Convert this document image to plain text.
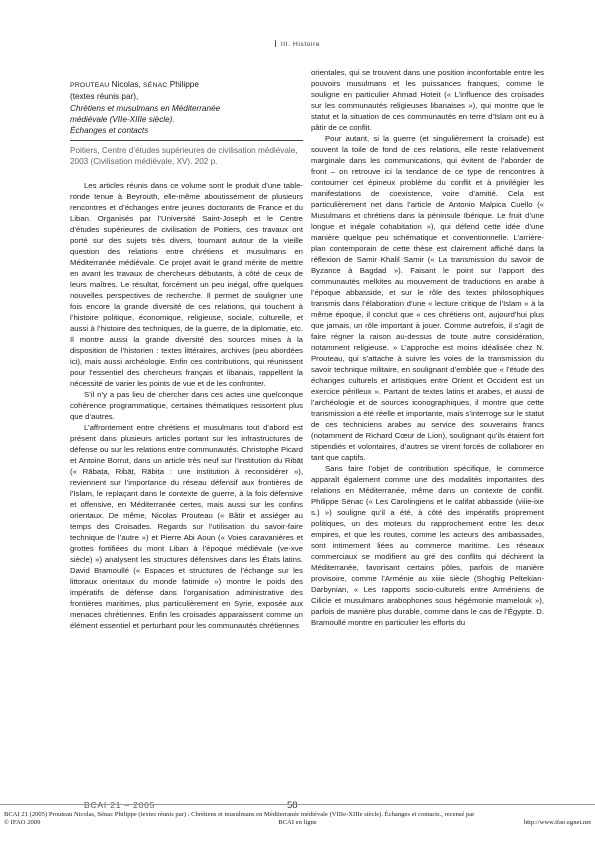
III. Histoire
PROUTEAU Nicolas, SÉNAC Philippe
(textes réunis par),
Chrétiens et musulmans en Méditerranée
médiévale (VIIe-XIIIe siècle).
Échanges et contacts
Poitiers, Centre d’études supérieures de civilisation médiévale, 2003 (Civilisation médiévale, XV). 202 p.

Les articles réunis dans ce volume sont le produit d’une table-ronde tenue à Beyrouth, elle-même aboutissement de plusieurs rencontres et d’échanges entre jeunes doctorants de France et du Liban. Organisés par l’Université Saint-Joseph et le Centre d’études supérieures de civilisation de Poitiers, ces travaux ont porté sur des sujets très divers, tournant autour de la vieille question des relations entre chrétiens et musulmans en Méditerranée médiévale. Ce projet avait le grand mérite de mettre en avant les travaux de chercheurs débutants, à côté de ceux de leurs maîtres. Le résultat, forcément un peu inégal, offre quelques nouvelles perspectives de recherche. Il permet de souligner une fois encore la grande diversité de ces relations, qui touchent à l’histoire politique, économique, religieuse, sociale, culturelle, et aussi à l’histoire des techniques, de la guerre, de la diplomatie, etc. Il montre aussi la grande diversité des sources mises à la disposition de l’historien : textes littéraires, archives (peu abordées ici), mais aussi archéologie. Enfin ces contributions, qui réunissent pour l’essentiel des chercheurs français et libanais, rappellent la nécessité de varier les points de vue et de les confronter.

S’il n’y a pas lieu de chercher dans ces actes une quelconque cohérence programmatique, certaines thématiques ressortent plus que d’autres.

L’affrontement entre chrétiens et musulmans tout d’abord est présent dans plusieurs articles portant sur les infrastructures de défense ou sur les relations entre communautés. Christophe Picard et Antoine Borrut, dans un article très neuf sur l’institution du Ribāṭ (« Rābaṭa, Ribāṭ, Rābiṭa : une institution à reconsidérer »), reviennent sur l’importance du réseau défensif aux frontières de l’Islam, le replaçant dans le contexte de guerre, à la fois défensive et offensive, en Méditerranée certes, mais aussi sur les confins orientaux. De même, Nicolas Prouteau (« Bâtir et assiéger au temps des Croisades. Regards sur l’utilisation du savoir-faire technique de l’autre ») et Pierre Abi Aoun (« Voies caravanières et grottes fortifiées du mont Liban à l’époque médiévale (ve-xve siècle) ») analysent les structures défensives dans les États latins. David Bramoullé (« Espaces et structures de l’échange sur les littoraux orientaux du monde fatimide ») montre le poids des impératifs de défense dans l’organisation administrative des frontières maritimes, plus particulièrement en Syrie, exposée aux menaces chrétiennes. Enfin les croisades apparaissent comme un élément essentiel et perturbant pour les communautés chrétiennes

orientales, qui se trouvent dans une position inconfortable entre les pouvoirs musulmans et les puissances franques, comme le souligne en particulier Ahmad Hoteit (« L’influence des croisades sur les communautés religieuses libanaises »), qui montre que le statut et la situation de ces communautés en terre d’Islam ont eu à pâtir de ce conflit.

Pour autant, si la guerre (et singulièrement la croisade) est souvent la toile de fond de ces relations, elle reste relativement marginale dans les communications, qui évitent de l’aborder de front – on retrouve ici la tendance de ce type de rencontres à contourner cet épineux problème du conflit et à privilégier les manifestations de coexistence, voire d’amitié. Cela est particulièrement net dans l’article de Antonio Malpica Cuello (« Musulmans et chrétiens dans la péninsule Ibérique. Le fruit d’une longue et inégale cohabitation »), qui défend cette idée d’une manière quelque peu schématique et conventionnelle. L’arrière-plan contemporain de cette thèse est clairement affiché dans la réflexion de Samir Khalil Samir (« La transmission du savoir de Byzance à Bagdad »). Faisant le point sur l’apport des communautés melkites au mouvement de traductions en arabe à l’époque abbasside, et sur le rôle des textes philosophiques transmis dans l’élaboration d’une « lecture critique de l’Islam » à la même époque, il conclut que « ces chrétiens ont, aujourd’hui plus que jamais, un rôle important à jouer. Comme autrefois, il s’agit de faire régner la raison au-dessus de toute autre considération, notamment religieuse. » L’approche est moins idéalisée chez N. Prouteau, qui s’attache à suivre les voies de la transmission du savoir technique militaire, en soulignant d’emblée que « l’étude des échanges culturels et artistiques entre Orient et Occident est un exercice périlleux ». Partant de textes latins et arabes, et aussi de l’archéologie et de sources iconographiques, il montre que cette transmission a été réelle et importante, mais s’interroge sur le statut de ces techniciens arabes au service des souverains francs (notamment de Richard Cœur de Lion), soulignant qu’ils étaient fort stipendiés et volontaires, d’autres se virent forcés de collaborer en tant que captifs.

Sans faire l’objet de contribution spécifique, le commerce apparaît également comme une des modalités importantes des relations en Méditerranée, même dans un contexte de conflit. Philippe Sénac (« Les Carolingiens et le califat abbasside (viiie-ixe s.) ») souligne qu’il a été, à côté des impératifs proprement politiques, un des moteurs du rapprochement entre les deux empires, et que les routes, comme les acteurs des ambassades, sont intimement liées au commerce maritime. Les réseaux commerciaux se modifient au gré des conflits qui déchirent la Méditerranée, favorisant certains pôles, parfois de manière provisoire, comme l’Arménie au xiiie siècle (Shoghig Peltekian-Darbynian, « Les rapports socio-culturels entre Arméniens de Cilicie et musulmans arabophones sous hégémonie mamelouk »), parfois de manière plus durable, comme dans le cas de l’Égypte. D. Bramoullé montre en particulier les efforts du

BCAI 21 – 2005	58
BCAI 21 (2005) Prouteau Nicolas, Sénac Philippe (textes réunis par) : Chrétiens et musulmans en Méditerranée médiévale (VIIIe-XIIIe siècle). Échanges et contacts., recensé par
© IFAO 2009	BCAI en ligne	http://www.ifao.egnet.net
